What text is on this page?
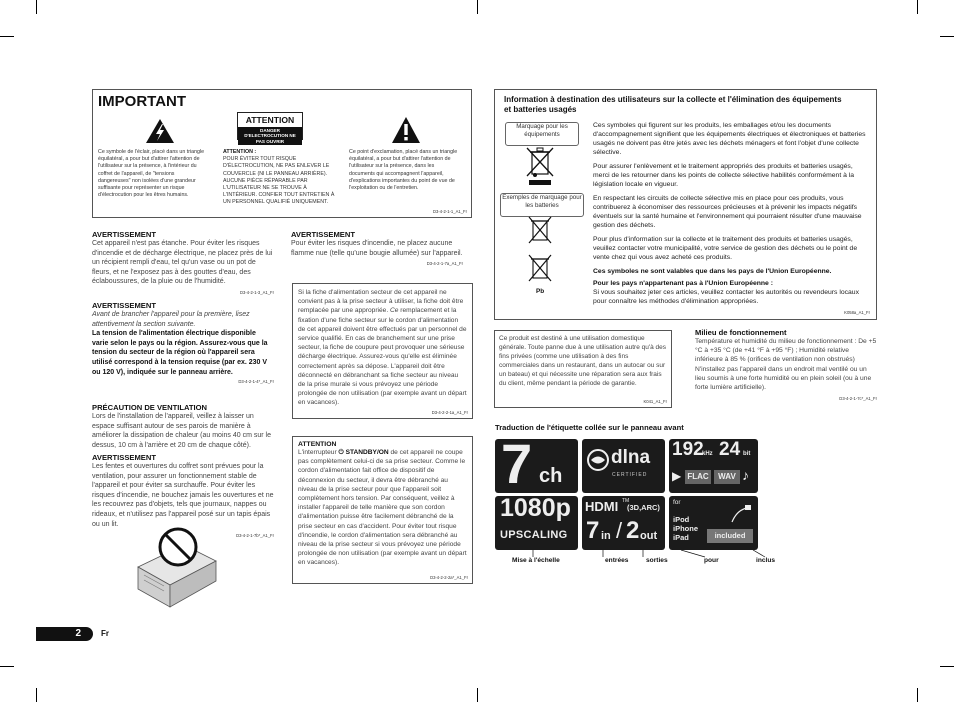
IMPORTANT
ATTENTION
DANGER D'ELECTROCUTION NE PAS OUVRIR
Ce symbole de l'éclair, placé dans un triangle équilatéral, a pour but d'attirer l'attention de l'utilisateur sur la présence, à l'intérieur du coffret de l'appareil, de "tensions dangereuses" non isolées d'une grandeur suffisante pour représenter un risque d'électrocution pour les êtres humains.
ATTENTION :
POUR ÉVITER TOUT RISQUE D'ÉLECTROCUTION, NE PAS ENLEVER LE COUVERCLE (NI LE PANNEAU ARRIÈRE). AUCUNE PIÈCE RÉPARABLE PAR L'UTILISATEUR NE SE TROUVE À L'INTÉRIEUR. CONFIER TOUT ENTRETIEN À UN PERSONNEL QUALIFIÉ UNIQUEMENT.
Ce point d'exclamation, placé dans un triangle équilatéral, a pour but d'attirer l'attention de l'utilisateur sur la présence, dans les documents qui accompagnent l'appareil, d'explications importantes du point de vue de l'exploitation ou de l'entretien.
D3-4-2-1-1_A1_Fr
AVERTISSEMENT
Cet appareil n'est pas étanche. Pour éviter les risques d'incendie et de décharge électrique, ne placez près de lui un récipient rempli d'eau, tel qu'un vase ou un pot de fleurs, et ne l'exposez pas à des gouttes d'eau, des éclaboussures, de la pluie ou de l'humidité.
D3-4-2-1-3_A1_Fr
AVERTISSEMENT
Avant de brancher l'appareil pour la première, lisez attentivement la section suivante.
La tension de l'alimentation électrique disponible varie selon le pays ou la région. Assurez-vous que la tension du secteur de la région où l'appareil sera utilisé correspond à la tension requise (par ex. 230 V ou 120 V), indiquée sur le panneau arrière.
D3-4-2-1-4*_A1_Fr
PRÉCAUTION DE VENTILATION
Lors de l'installation de l'appareil, veillez à laisser un espace suffisant autour de ses parois de manière à améliorer la dissipation de chaleur (au moins 40 cm sur le dessus, 10 cm à l'arrière et 20 cm de chaque côté).
AVERTISSEMENT
Les fentes et ouvertures du coffret sont prévues pour la ventilation, pour assurer un fonctionnement stable de l'appareil et pour éviter sa surchauffe. Pour éviter les risques d'incendie, ne bouchez jamais les ouvertures et ne les recouvrez pas d'objets, tels que journaux, nappes ou rideaux, et n'utilisez pas l'appareil posé sur un tapis épais ou un lit.
D3-4-2-1-7b*_A1_Fr
AVERTISSEMENT
Pour éviter les risques d'incendie, ne placez aucune flamme nue (telle qu'une bougie allumée) sur l'appareil.
D3-4-2-1-7a_A1_Fr
Si la fiche d'alimentation secteur de cet appareil ne convient pas à la prise secteur à utiliser, la fiche doit être remplacée par une appropriée. Ce remplacement et la fixation d'une fiche secteur sur le cordon d'alimentation de cet appareil doivent être effectués par un personnel de service qualifié. En cas de branchement sur une prise secteur, la fiche de coupure peut provoquer une sérieuse décharge électrique. Assurez-vous qu'elle est éliminée correctement après sa dépose. L'appareil doit être déconnecté en débranchant sa fiche secteur au niveau de la prise murale si vous prévoyez une période prolongée de non utilisation (par exemple avant un départ en vacances).
D3-4-2-2-1a_A1_Fr
ATTENTION
L'interrupteur ⏻ STANDBY/ON de cet appareil ne coupe pas complètement celui-ci de sa prise secteur. Comme le cordon d'alimentation fait office de dispositif de déconnexion du secteur, il devra être débranché au niveau de la prise secteur pour que l'appareil soit complètement hors tension. Par conséquent, veillez à installer l'appareil de telle manière que son cordon d'alimentation puisse être facilement débranché de la prise secteur en cas d'accident. Pour éviter tout risque d'incendie, le cordon d'alimentation sera débranché au niveau de la prise secteur si vous prévoyez une période prolongée de non utilisation (par exemple avant un départ en vacances).
D3-4-2-2-2a*_A1_Fr
Information à destination des utilisateurs sur la collecte et l'élimination des équipements et batteries usagés
Marquage pour les équipements
Exemples de marquage pour les batteries
Pb
Ces symboles qui figurent sur les produits, les emballages et/ou les documents d'accompagnement signifient que les équipements électriques et électroniques et batteries usagés ne doivent pas être jetés avec les déchets ménagers et font l'objet d'une collecte sélective.
Pour assurer l'enlèvement et le traitement appropriés des produits et batteries usagés, merci de les retourner dans les points de collecte sélective habilités conformément à la législation locale en vigueur.
En respectant les circuits de collecte sélective mis en place pour ces produits, vous contribuerez à économiser des ressources précieuses et à prévenir les impacts négatifs éventuels sur la santé humaine et l'environnement qui pourraient résulter d'une mauvaise gestion des déchets.
Pour plus d'information sur la collecte et le traitement des produits et batteries usagés, veuillez contacter votre municipalité, votre service de gestion des déchets ou le point de vente chez qui vous avez acheté ces produits.
Ces symboles ne sont valables que dans les pays de l'Union Européenne.
Pour les pays n'appartenant pas à l'Union Européenne :
Si vous souhaitez jeter ces articles, veuillez contacter les autorités ou revendeurs locaux pour connaître les méthodes d'élimination appropriées.
K058a_A1_Fr
Ce produit est destiné à une utilisation domestique générale. Toute panne due à une utilisation autre qu'à des fins privées (comme une utilisation à des fins commerciales dans un restaurant, dans un autocar ou sur un bateau) et qui nécessite une réparation sera aux frais du client, même pendant la période de garantie.
K041_A1_Fr
Milieu de fonctionnement
Température et humidité du milieu de fonctionnement : De +5 °C à +35 °C (de +41 °F à +95 °F) ; Humidité relative inférieure à 85 % (orifices de ventilation non obstrués) N'installez pas l'appareil dans un endroit mal ventilé ou un lieu soumis à une forte humidité ou en plein soleil (ou à une forte lumière artificielle).
D3-4-2-1-7c*_A1_Fr
Traduction de l'étiquette collée sur le panneau avant
7 ch
dlna
CERTIFIED
192
kHz 24 bit
▶ FLAC	WAV ♪
1080p
UPSCALING
HDMI TM
(3D,ARC)
7 in / 2 out
for
iPod
iPhone
iPad	included
Mise à l'échelle	entrées	sorties	pour	inclus
2	Fr
